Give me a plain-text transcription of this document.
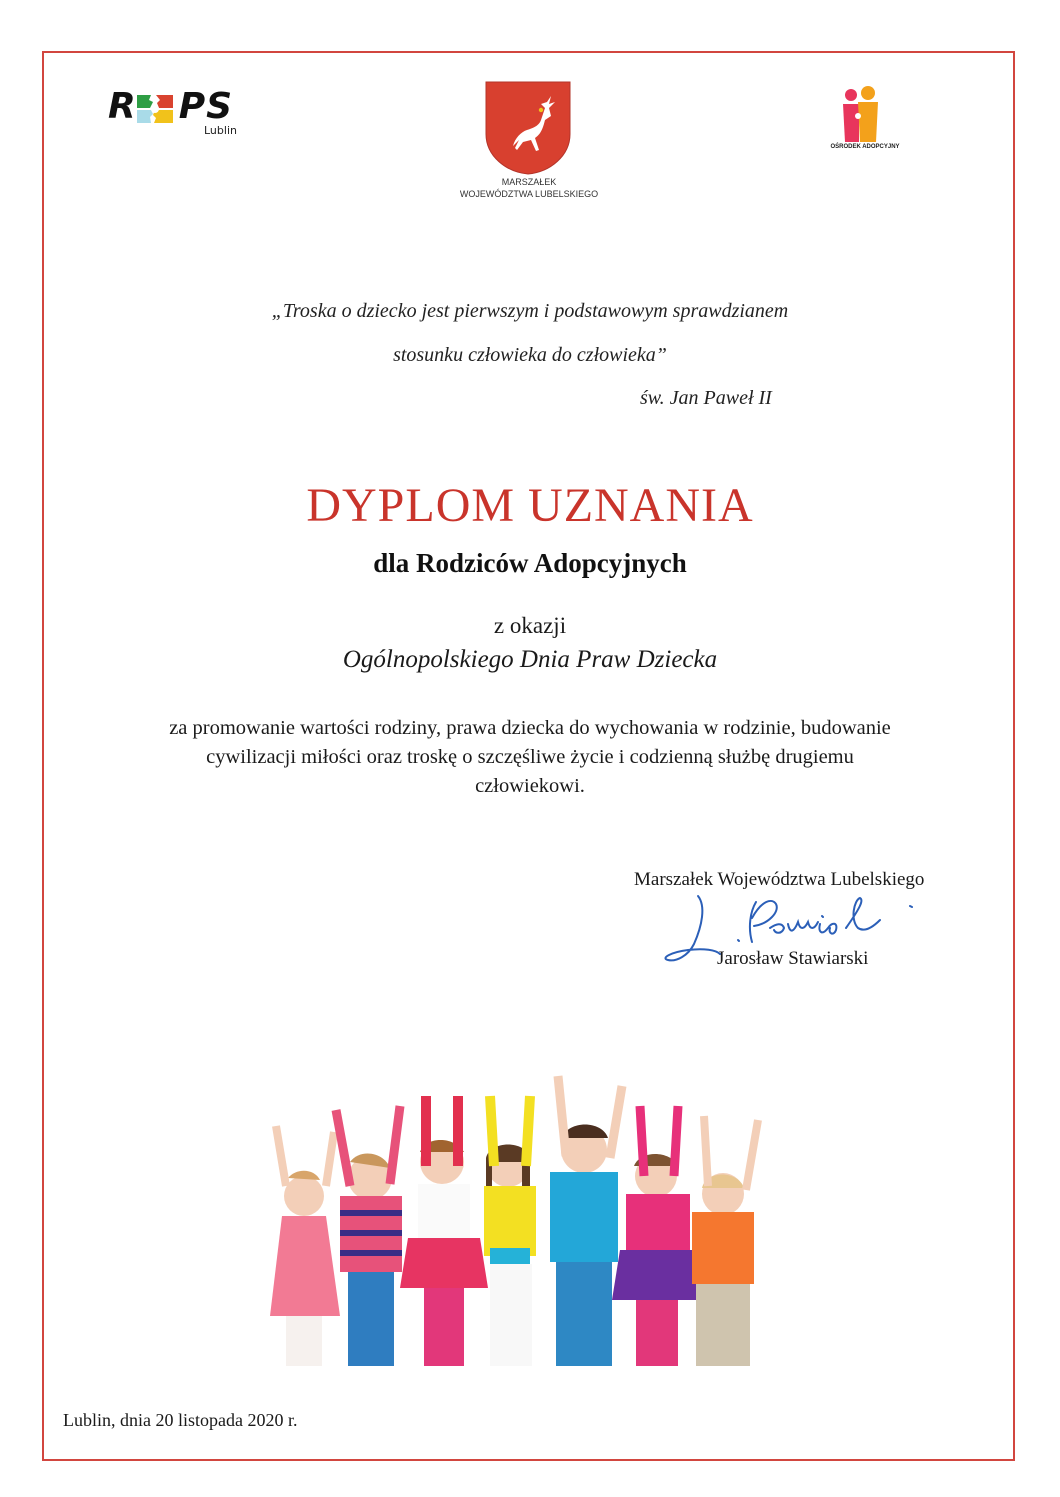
R PS
Lublin
MARSZAŁEK
WOJEWÓDZTWA LUBELSKIEGO
OŚRODEK ADOPCYJNY
„Troska o dziecko jest pierwszym i podstawowym sprawdzianem
stosunku człowieka do człowieka”
św. Jan Paweł II
DYPLOM UZNANIA
dla Rodziców Adopcyjnych
z okazji
Ogólnopolskiego Dnia Praw Dziecka
za promowanie wartości rodziny, prawa dziecka do wychowania w rodzinie, budowanie
cywilizacji miłości oraz troskę o szczęśliwe życie i codzienną służbę drugiemu
człowiekowi.
Marszałek Województwa Lubelskiego
Jarosław Stawiarski
Lublin, dnia 20 listopada 2020 r.
